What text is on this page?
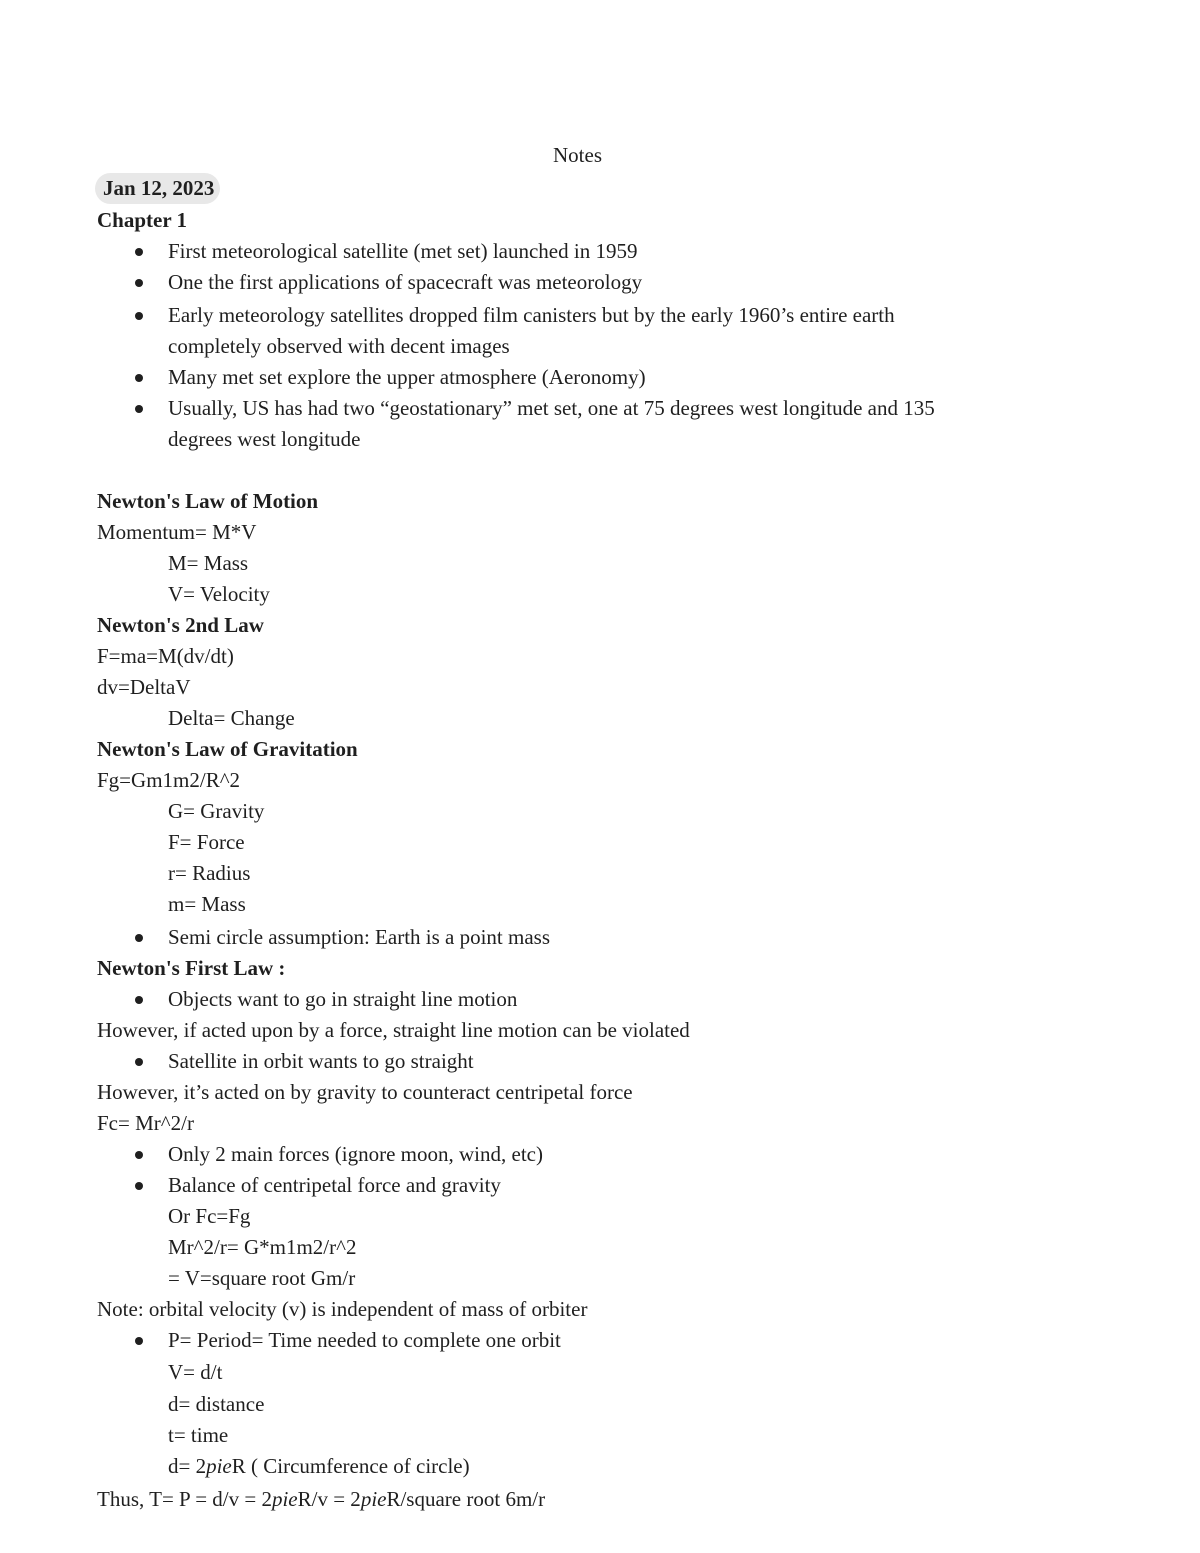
Notes
Jan 12, 2023
Chapter 1
First meteorological satellite (met set) launched in 1959
One the first applications of spacecraft was meteorology
Early meteorology satellites dropped film canisters but by the early 1960’s entire earth
completely observed with decent images
Many met set explore the upper atmosphere (Aeronomy)
Usually, US has had two “geostationary” met set, one at 75 degrees west longitude and 135
degrees west longitude
Newton's Law of Motion
Momentum= M*V
M= Mass
V= Velocity
Newton's 2nd Law
F=ma=M(dv/dt)
dv=DeltaV
Delta= Change
Newton's Law of Gravitation
Fg=Gm1m2/R^2
G= Gravity
F= Force
r= Radius
m= Mass
Semi circle assumption: Earth is a point mass
Newton's First Law :
Objects want to go in straight line motion
However, if acted upon by a force, straight line motion can be violated
Satellite in orbit wants to go straight
However, it’s acted on by gravity to counteract centripetal force
Fc= Mr^2/r
Only 2 main forces (ignore moon, wind, etc)
Balance of centripetal force and gravity
Or Fc=Fg
Mr^2/r= G*m1m2/r^2
= V=square root Gm/r
Note: orbital velocity (v) is independent of mass of orbiter
P= Period= Time needed to complete one orbit
V= d/t
d= distance
t= time
d= 2pieR ( Circumference of circle)
Thus, T= P = d/v = 2pieR/v = 2pieR/square root 6m/r
